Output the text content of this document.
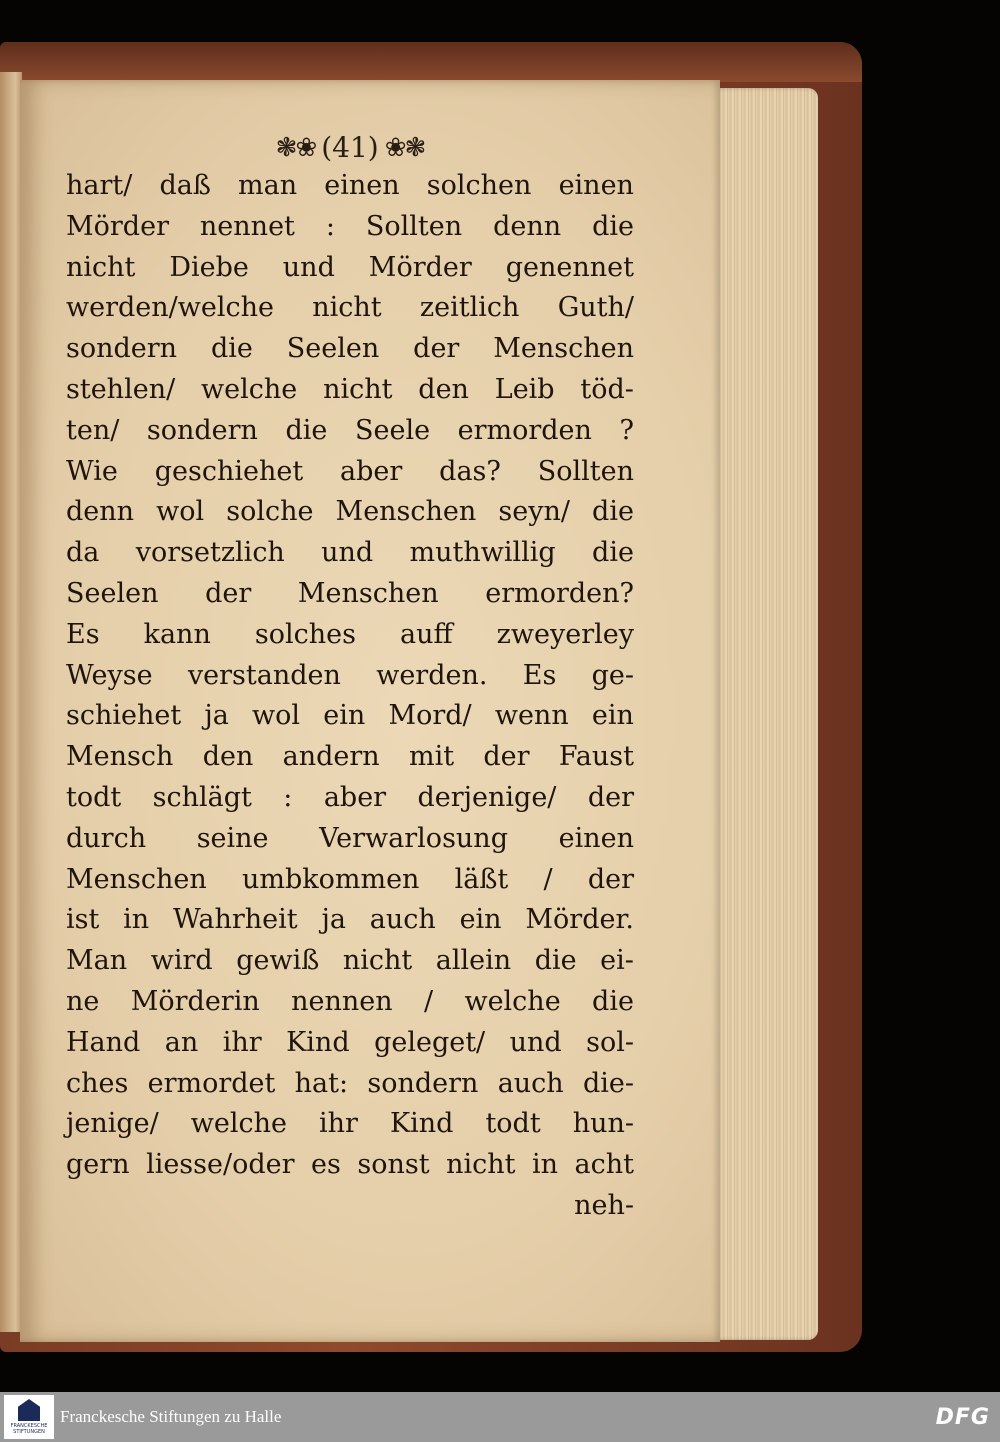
❃❀ (41) ❀❃
hart/ daß man einen solchen einen
Mörder nennet : Sollten denn die
nicht Diebe und Mörder genennet
werden/welche nicht zeitlich Guth/
sondern die Seelen der Menschen
stehlen/ welche nicht den Leib töd-
ten/ sondern die Seele ermorden ?
Wie geschiehet aber das? Sollten
denn wol solche Menschen seyn/ die
da vorsetzlich und muthwillig die
Seelen der Menschen ermorden?
Es kann solches auff zweyerley
Weyse verstanden werden. Es ge-
schiehet ja wol ein Mord/ wenn ein
Mensch den andern mit der Faust
todt schlägt : aber derjenige/ der
durch seine Verwarlosung einen
Menschen umbkommen läßt / der
ist in Wahrheit ja auch ein Mörder.
Man wird gewiß nicht allein die ei-
ne Mörderin nennen / welche die
Hand an ihr Kind geleget/ und sol-
ches ermordet hat: sondern auch die-
jenige/ welche ihr Kind todt hun-
gern liesse/oder es sonst nicht in acht
neh-
FRANCKESCHE STIFTUNGEN
Franckesche Stiftungen zu Halle	DFG
